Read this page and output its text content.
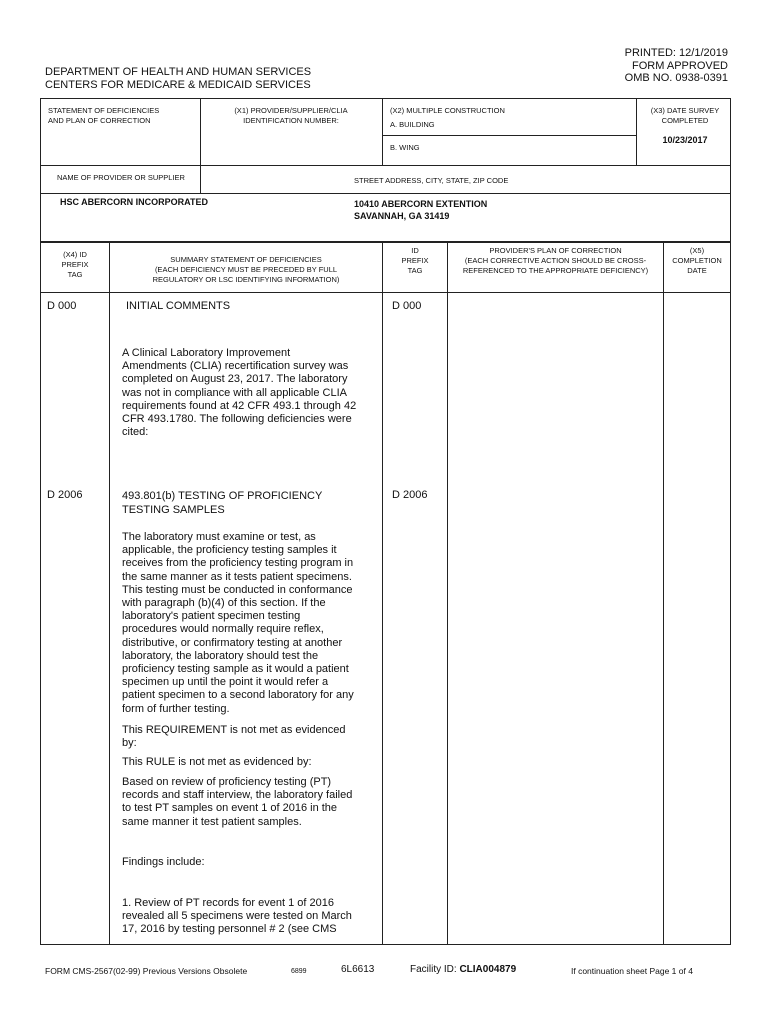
PRINTED: 12/1/2019
FORM APPROVED
OMB NO. 0938-0391
DEPARTMENT OF HEALTH AND HUMAN SERVICES
CENTERS FOR MEDICARE & MEDICAID SERVICES
STATEMENT OF DEFICIENCIES
AND PLAN OF CORRECTION
(X1) PROVIDER/SUPPLIER/CLIA
IDENTIFICATION NUMBER:
(X2) MULTIPLE CONSTRUCTION
A. BUILDING
B. WING
(X3) DATE SURVEY
COMPLETED
10/23/2017
NAME OF PROVIDER OR SUPPLIER
HSC ABERCORN INCORPORATED
STREET ADDRESS, CITY, STATE, ZIP CODE
10410 ABERCORN EXTENTION
SAVANNAH, GA 31419
(X4) ID
PREFIX
TAG
SUMMARY STATEMENT OF DEFICIENCIES
(EACH DEFICIENCY MUST BE PRECEDED BY FULL
REGULATORY OR LSC IDENTIFYING INFORMATION)
ID
PREFIX
TAG
PROVIDER'S PLAN OF CORRECTION
(EACH CORRECTIVE ACTION SHOULD BE CROSS-
REFERENCED TO THE APPROPRIATE DEFICIENCY)
(X5)
COMPLETION
DATE
D 000	D 000
INITIAL COMMENTS
A Clinical Laboratory Improvement
Amendments (CLIA) recertification survey was
completed on August 23, 2017. The laboratory
was not in compliance with all applicable CLIA
requirements found at 42 CFR 493.1 through 42
CFR 493.1780. The following deficiencies were
cited:
D 2006	D 2006
493.801(b) TESTING OF PROFICIENCY
TESTING SAMPLES
The laboratory must examine or test, as
applicable, the proficiency testing samples it
receives from the proficiency testing program in
the same manner as it tests patient specimens.
This testing must be conducted in conformance
with paragraph (b)(4) of this section. If the
laboratory's patient specimen testing
procedures would normally require reflex,
distributive, or confirmatory testing at another
laboratory, the laboratory should test the
proficiency testing sample as it would a patient
specimen up until the point it would refer a
patient specimen to a second laboratory for any
form of further testing.
This REQUIREMENT is not met as evidenced
by:
This RULE is not met as evidenced by:
Based on review of proficiency testing (PT)
records and staff interview, the laboratory failed
to test PT samples on event 1 of 2016 in the
same manner it test patient samples.
Findings include:
1. Review of PT records for event 1 of 2016
revealed all 5 specimens were tested on March
17, 2016 by testing personnel # 2 (see CMS
FORM CMS-2567(02-99) Previous Versions Obsolete	6899	6L6613	Facility ID: CLIA004879	If continuation sheet Page 1 of 4
